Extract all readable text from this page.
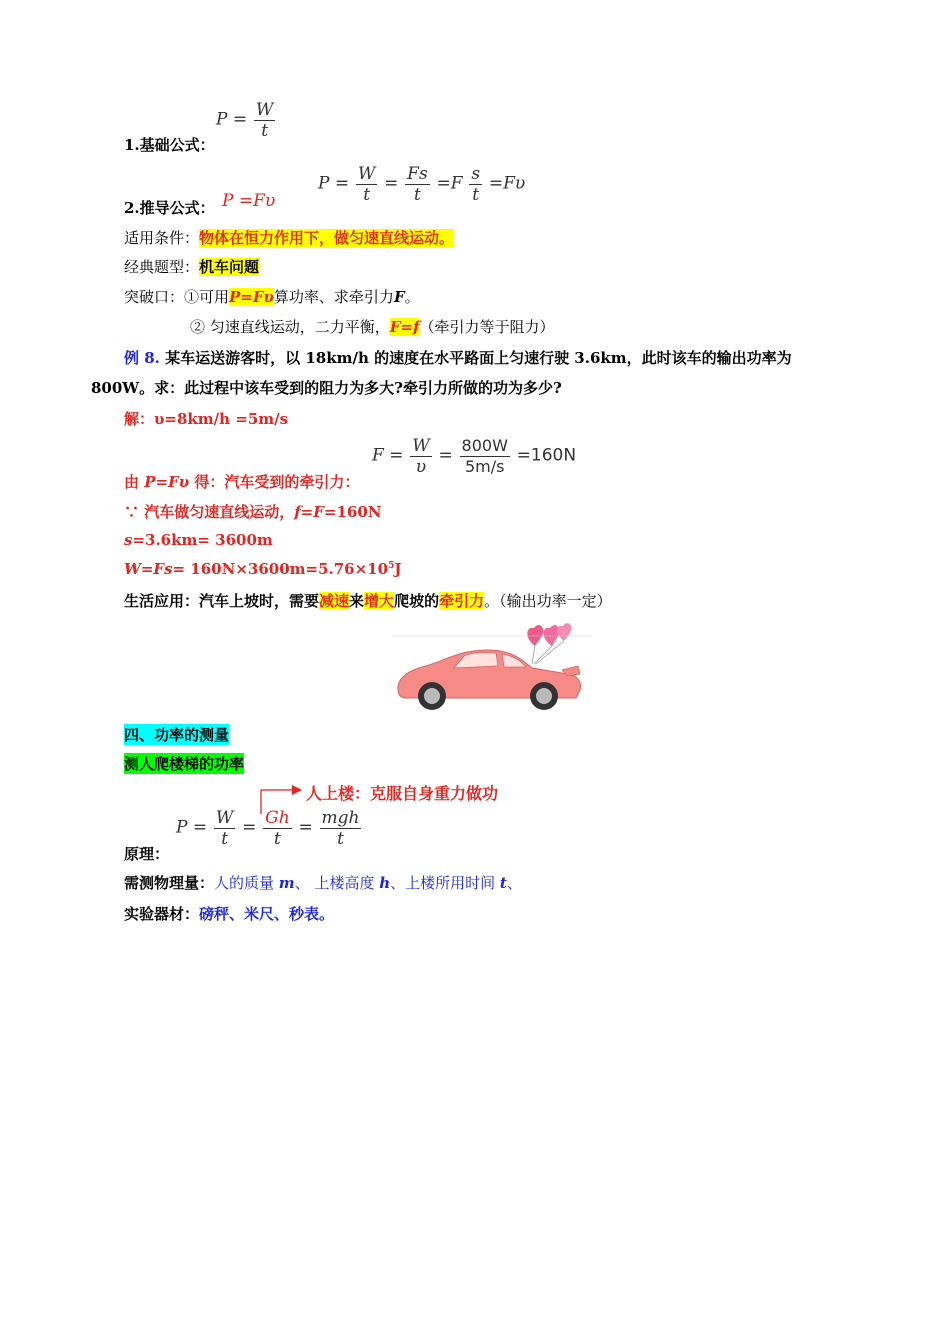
$P = \frac{W}{t}$
1.基础公式：
2.推导公式： P =Fυ
$P = \frac{W}{t} = \frac{Fs}{t} =F \frac{s}{t} =F\upsilon$
适用条件：物体在恒力作用下，做匀速直线运动。
经典题型：机车问题
突破口：①可用P=Fυ算功率、求牵引力F。
② 匀速直线运动，二力平衡，F=f（牵引力等于阻力）
例 8. 某车运送游客时，以 18km/h 的速度在水平路面上匀速行驶 3.6km，此时该车的输出功率为
800W。求：此过程中该车受到的阻力为多大?牵引力所做的功为多少?
解：υ=8km/h =5m/s
$F = \frac{W}{\upsilon} = \frac{800W}{5m/s} =160N$
由 P=Fυ 得：汽车受到的牵引力：
∵ 汽车做匀速直线运动，f=F=160N
s=3.6km= 3600m
$W=Fs= 160N\times 3600m=5.76\times 10^5J$
生活应用：汽车上坡时，需要减速来增大爬坡的牵引力。（输出功率一定）
四、功率的测量
测人爬楼梯的功率
人上楼：克服自身重力做功
$P = \frac{W}{t} = \frac{Gh}{t} = \frac{\text{mgh}}{t}$
原理：
需测物理量：人的质量 m、 上楼高度 h、上楼所用时间 t、
实验器材：磅秤、米尺、秒表。
